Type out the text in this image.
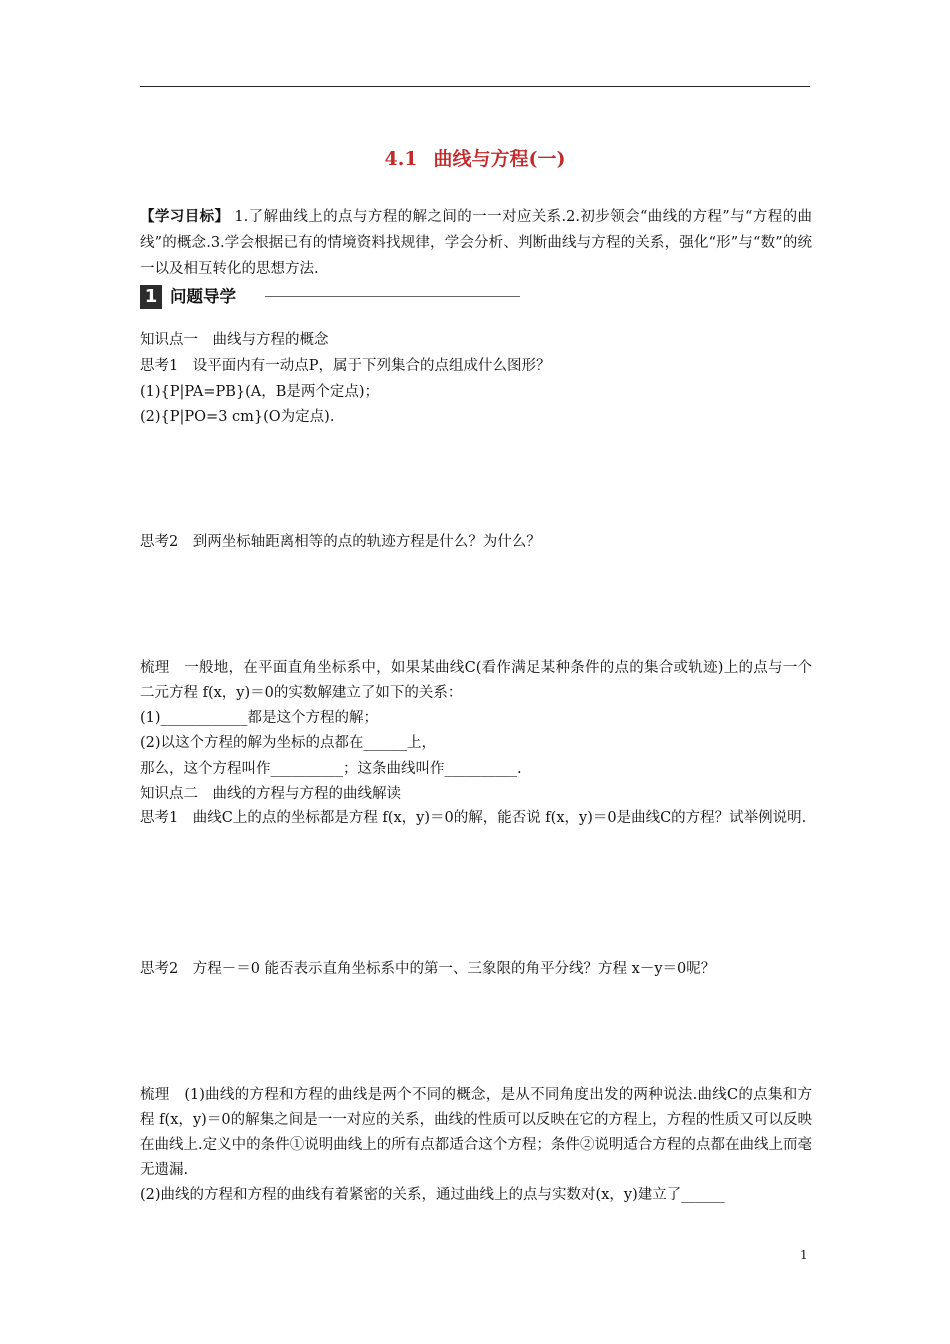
4.1 曲线与方程(一)
【学习目标】 1.了解曲线上的点与方程的解之间的一一对应关系.2.初步领会“曲线的方程”与“方程的曲线”的概念.3.学会根据已有的情境资料找规律，学会分析、判断曲线与方程的关系，强化“形”与“数”的统一以及相互转化的思想方法.
1 问题导学
知识点一　曲线与方程的概念
思考1　设平面内有一动点P，属于下列集合的点组成什么图形？
(1){P|PA=PB}(A，B是两个定点)；
(2){P|PO=3 cm}(O为定点).
思考2　到两坐标轴距离相等的点的轨迹方程是什么？为什么？
梳理　一般地，在平面直角坐标系中，如果某曲线C(看作满足某种条件的点的集合或轨迹)上的点与一个二元方程 f(x，y)＝0的实数解建立了如下的关系：
(1)____________都是这个方程的解；
(2)以这个方程的解为坐标的点都在______上，
那么，这个方程叫作__________；这条曲线叫作__________.
知识点二　曲线的方程与方程的曲线解读
思考1　曲线C上的点的坐标都是方程 f(x，y)＝0的解，能否说 f(x，y)＝0是曲线C的方程？试举例说明.
思考2　方程－＝0 能否表示直角坐标系中的第一、三象限的角平分线？方程 x－y＝0呢？
梳理　(1)曲线的方程和方程的曲线是两个不同的概念，是从不同角度出发的两种说法.曲线C的点集和方程 f(x，y)＝0的解集之间是一一对应的关系，曲线的性质可以反映在它的方程上，方程的性质又可以反映在曲线上.定义中的条件①说明曲线上的所有点都适合这个方程；条件②说明适合方程的点都在曲线上而毫无遗漏.
(2)曲线的方程和方程的曲线有着紧密的关系，通过曲线上的点与实数对(x，y)建立了______
1
